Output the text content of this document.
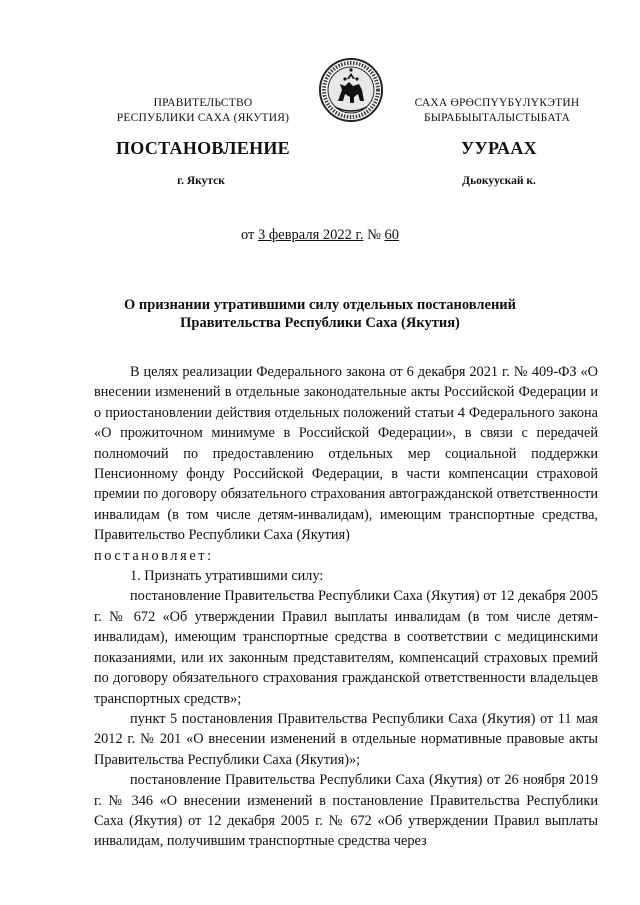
ПРАВИТЕЛЬСТВО
РЕСПУБЛИКИ САХА (ЯКУТИЯ)
САХА ӨРӨСПҮҮБҮЛҮКЭТИН
БЫРАБЫЫТАЛЫСТЫБАТА
ПОСТАНОВЛЕНИЕ	УУРААХ
г. Якутск	Дьокуускай к.
от 3 февраля 2022 г. № 60
О признании утратившими силу отдельных постановлений
Правительства Республики Саха (Якутия)

В целях реализации Федерального закона от 6 декабря 2021 г. № 409-ФЗ «О внесении изменений в отдельные законодательные акты Российской Федерации и о приостановлении действия отдельных положений статьи 4 Федерального закона «О прожиточном минимуме в Российской Федерации», в связи с передачей полномочий по предоставлению отдельных мер социальной поддержки Пенсионному фонду Российской Федерации, в части компенсации страховой премии по договору обязательного страхования автогражданской ответственности инвалидам (в том числе детям-инвалидам), имеющим транспортные средства, Правительство Республики Саха (Якутия)

постановляет:

1. Признать утратившими силу:

постановление Правительства Республики Саха (Якутия) от 12 декабря 2005 г. № 672 «Об утверждении Правил выплаты инвалидам (в том числе детям-инвалидам), имеющим транспортные средства в соответствии с медицинскими показаниями, или их законным представителям, компенсаций страховых премий по договору обязательного страхования гражданской ответственности владельцев транспортных средств»;

пункт 5 постановления Правительства Республики Саха (Якутия) от 11 мая 2012 г. № 201 «О внесении изменений в отдельные нормативные правовые акты Правительства Республики Саха (Якутия)»;

постановление Правительства Республики Саха (Якутия) от 26 ноября 2019 г. № 346 «О внесении изменений в постановление Правительства Республики Саха (Якутия) от 12 декабря 2005 г. № 672 «Об утверждении Правил выплаты инвалидам, получившим транспортные средства через
